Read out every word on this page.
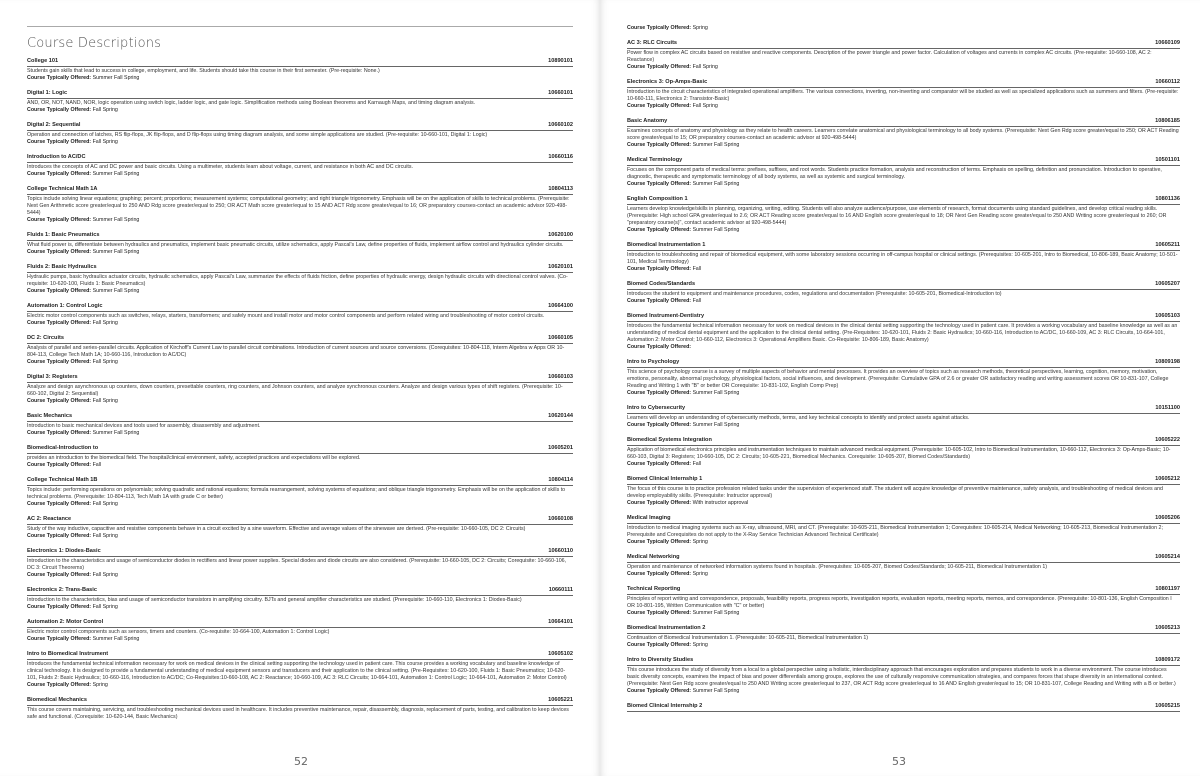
Course Descriptions
College 101	10890101
Students gain skills that lead to success in college, employment, and life. Students should take this course in their first semester. (Pre-requisite: None.)
Course Typically Offered: Summer Fall Spring
Digital 1: Logic	10660101
AND, OR, NOT, NAND, NOR, logic operation using switch logic, ladder logic, and gate logic. Simplification methods using Boolean theorems and Karnaugh Maps, and timing diagram analysis.
Course Typically Offered: Fall Spring
Digital 2: Sequential	10660102
Operation and connection of latches, RS flip-flops, JK flip-flops, and D flip-flops using timing diagram analysis, and some simple applications are studied. (Pre-requisite: 10-660-101, Digital 1: Logic)
Course Typically Offered: Fall Spring
Introduction to AC/DC	10660116
Introduces the concepts of AC and DC power and basic circuits. Using a multimeter, students learn about voltage, current, and resistance in both AC and DC circuits.
Course Typically Offered: Summer Fall Spring
College Technical Math 1A	10804113
Topics include solving linear equations; graphing; percent; proportions; measurement systems; computational geometry; and right triangle trigonometry. Emphasis will be on the application of skills to technical problems. (Prerequisite: Next Gen Arithmetic score greater/equal to 250 AND Rdg score greater/equal to 250; OR ACT Math score greater/equal to 15 AND ACT Rdg score greater/equal to 16; OR preparatory courses-contact an academic advisor 920-498-5444)
Course Typically Offered: Summer Fall Spring
Fluids 1: Basic Pneumatics	10620100
What fluid power is, differentiate between hydraulics and pneumatics, implement basic pneumatic circuits, utilize schematics, apply Pascal's Law, define properties of fluids, implement airflow control and hydraulics cylinder circuits.
Course Typically Offered: Summer Fall Spring
Fluids 2: Basic Hydraulics	10620101
Hydraulic pumps, basic hydraulics actuator circuits, hydraulic schematics, apply Pascal's Law, summarize the effects of fluids friction, define properties of hydraulic energy, design hydraulic circuits with directional control valves. (Co-requisite: 10-620-100, Fluids 1: Basic Pneumatics)
Course Typically Offered: Summer Fall Spring
Automation 1: Control Logic	10664100
Electric motor control components such as switches, relays, starters, transformers; and safely mount and install motor and motor control components and perform related wiring and troubleshooting of motor control circuits.
Course Typically Offered: Fall Spring
DC 2: Circuits	10660105
Analysis of parallel and series-parallel circuits. Application of Kirchoff's Current Law to parallel circuit combinations. Introduction of current sources and source conversions. (Corequisites: 10-804-118, Interm Algebra w Apps OR 10-804-113, College Tech Math 1A; 10-660-116, Introduction to AC/DC)
Course Typically Offered: Fall Spring
Digital 3: Registers	10660103
Analyze and design asynchronous up counters, down counters, presettable counters, ring counters, and Johnson counters, and analyze synchronous counters. Analyze and design various types of shift registers. (Prerequisite: 10-660-102, Digital 2: Sequential)
Course Typically Offered: Fall Spring
Basic Mechanics	10620144
Introduction to basic mechanical devices and tools used for assembly, disassembly and adjustment.
Course Typically Offered: Summer Fall Spring
Biomedical-Introduction to	10605201
provides an introduction to the biomedical field. The hospital/clinical environment, safety, accepted practices and expectations will be explored.
Course Typically Offered: Fall
College Technical Math 1B	10804114
Topics include: performing operations on polynomials; solving quadratic and rational equations; formula rearrangement, solving systems of equations; and oblique triangle trigonometry. Emphasis will be on the application of skills to technical problems. (Prerequisite: 10-804-113, Tech Math 1A with grade C or better)
Course Typically Offered: Fall Spring
AC 2: Reactance	10660108
Study of the way inductive, capacitive and resistive components behave in a circuit excited by a sine waveform. Effective and average values of the sinewave are derived. (Pre-requisite: 10-660-105, DC 2: Circuits)
Course Typically Offered: Fall Spring
Electronics 1: Diodes-Basic	10660110
Introduction to the characteristics and usage of semiconductor diodes in rectifiers and linear power supplies. Special diodes and diode circuits are also considered. (Prerequisite: 10-660-105, DC 2: Circuits; Corequisite: 10-660-106, DC 3: Circuit Theorems)
Course Typically Offered: Fall Spring
Electronics 2: Trans-Basic	10660111
Introduction to the characteristics, bias and usage of semiconductor transistors in amplifying circuitry. BJTs and general amplifier characteristics are studied. (Prerequisite: 10-660-110, Electronics 1: Diodes-Basic)
Course Typically Offered: Fall Spring
Automation 2: Motor Control	10664101
Electric motor control components such as sensors, timers and counters. (Co-requisite: 10-664-100, Automation 1: Control Logic)
Course Typically Offered: Summer Fall Spring
Intro to Biomedical Instrument	10605102
Introduces the fundamental technical information necessary for work on medical devices in the clinical setting supporting the technology used in patient care. This course provides a working vocabulary and baseline knowledge of clinical technology. It is designed to provide a fundamental understanding of medical equipment sensors and transducers and their application to the clinical setting. (Pre-Requisites: 10-620-100, Fluids 1: Basic Pneumatics; 10-620-101, Fluids 2: Basic Hydraulics; 10-660-116, Introduction to AC/DC; Co-Requisites:10-660-108, AC 2: Reactance; 10-660-109, AC 3: RLC Circuits; 10-664-101, Automation 1: Control Logic; 10-664-101, Automation 2: Motor Control)
Course Typically Offered: Spring
Biomedical Mechanics	10605221
This course covers maintaining, servicing, and troubleshooting mechanical devices used in healthcare. It includes preventive maintenance, repair, disassembly, diagnosis, replacement of parts, testing, and calibration to keep devices safe and functional. (Corequisite: 10-620-144, Basic Mechanics)
52
Course Typically Offered: Spring
AC 3: RLC Circuits	10660109
Power flow in complex AC circuits based on resistive and reactive components. Description of the power triangle and power factor. Calculation of voltages and currents in complex AC circuits. (Pre-requisite: 10-660-108, AC 2: Reactance)
Course Typically Offered: Fall Spring
Electronics 3: Op-Amps-Basic	10660112
Introduction to the circuit characteristics of integrated operational amplifiers. The various connections, inverting, non-inverting and comparator will be studied as well as specialized applications such as summers and filters. (Pre-requisite: 10-660-111, Electronics 2: Transistor-Basic)
Course Typically Offered: Fall Spring
Basic Anatomy	10806185
Examines concepts of anatomy and physiology as they relate to health careers. Learners correlate anatomical and physiological terminology to all body systems. (Prerequisite: Next Gen Rdg score greater/equal to 250; OR ACT Reading score greater/equal to 15; OR preparatory courses-contact an academic advisor at 920-498-5444)
Course Typically Offered: Summer Fall Spring
Medical Terminology	10501101
Focuses on the component parts of medical terms: prefixes, suffixes, and root words. Students practice formation, analysis and reconstruction of terms. Emphasis on spelling, definition and pronunciation. Introduction to operative, diagnostic, therapeutic and symptomatic terminology of all body systems, as well as systemic and surgical terminology.
Course Typically Offered: Summer Fall Spring
English Composition 1	10801136
Learners develop knowledge/skills in planning, organizing, writing, editing. Students will also analyze audience/purpose, use elements of research, format documents using standard guidelines, and develop critical reading skills. (Prerequisite: High school GPA greater/equal to 2.6; OR ACT Reading score greater/equal to 16 AND English score greater/equal to 18; OR Next Gen Reading score greater/equal to 250 AND Writing score greater/equal to 260; OR "preparatory course(s)", contact academic advisor at 920-498-5444)
Course Typically Offered: Summer Fall Spring
Biomedical Instrumentation 1	10605211
Introduction to troubleshooting and repair of biomedical equipment, with some laboratory sessions occurring in off-campus hospital or clinical settings. (Prerequisites: 10-605-201, Intro to Biomedical, 10-806-189, Basic Anatomy; 10-501-101, Medical Terminology)
Course Typically Offered: Fall
Biomed Codes/Standards	10605207
Introduces the student to equipment and maintenance procedures, codes, regulations and documentation (Prerequisite: 10-605-201, Biomedical-Introduction to)
Course Typically Offered: Fall
Biomed Instrument-Dentistry	10605103
Introduces the fundamental technical information necessary for work on medical devices in the clinical dental setting supporting the technology used in patient care. It provides a working vocabulary and baseline knowledge as well as an understanding of medical dental equipment and the application to the clinical dental setting. (Pre-Requisites: 10-620-101, Fluids 2: Basic Hydraulics; 10-660-116, Introduction to AC/DC, 10-660-109, AC 3: RLC Circuits, 10-664-101, Automation 2: Motor Control; 10-660-112, Electronics 3: Operational Amplifiers Basic. Co-Requisite: 10-806-189, Basic Anatomy)
Course Typically Offered:
Intro to Psychology	10809198
This science of psychology course is a survey of multiple aspects of behavior and mental processes. It provides an overview of topics such as research methods, theoretical perspectives, learning, cognition, memory, motivation, emotions, personality, abnormal psychology, physiological factors, social influences, and development. (Prerequisite: Cumulative GPA of 2.6 or greater OR satisfactory reading and writing assessment scores OR 10-831-107, College Reading and Writing 1 with "B" or better OR Corequisite: 10-831-102, English Comp Prep)
Course Typically Offered: Summer Fall Spring
Intro to Cybersecurity	10151100
Learners will develop an understanding of cybersecurity methods, terms, and key technical concepts to identify and protect assets against attacks.
Course Typically Offered: Summer Fall Spring
Biomedical Systems Integration	10605222
Application of biomedical electronics principles and instrumentation techniques to maintain advanced medical equipment. (Prerequisite: 10-605-102, Intro to Biomedical Instrumentation, 10-660-112, Electronics 3: Op-Amps-Basic; 10-660-103, Digital 3: Registers; 10-660-105, DC 2: Circuits; 10-605-221, Biomedical Mechanics. Corequisite: 10-605-207, Biomed Codes/Standards)
Course Typically Offered: Fall
Biomed Clinical Internship 1	10605212
The focus of this course is to practice profession related tasks under the supervision of experienced staff. The student will acquire knowledge of preventive maintenance, safety analysis, and troubleshooting of medical devices and develop employability skills. (Prerequisite: Instructor approval)
Course Typically Offered: With instructor approval
Medical Imaging	10605206
Introduction to medical imaging systems such as X-ray, ultrasound, MRI, and CT. (Prerequisite: 10-605-211, Biomedical Instrumentation 1; Corequisites: 10-605-214, Medical Networking; 10-605-213, Biomedical Instrumentation 2; Prerequisite and Corequisites do not apply to the X-Ray Service Technician Advanced Technical Certificate)
Course Typically Offered: Spring
Medical Networking	10605214
Operation and maintenance of networked information systems found in hospitals. (Prerequisites: 10-605-207, Biomed Codes/Standards; 10-605-211, Biomedical Instrumentation 1)
Course Typically Offered: Spring
Technical Reporting	10801197
Principles of report writing and correspondence, proposals, feasibility reports, progress reports, investigation reports, evaluation reports, meeting reports, memos, and correspondence. (Prerequisite: 10-801-136, English Composition I OR 10-801-195, Written Communication with "C" or better)
Course Typically Offered: Summer Fall Spring
Biomedical Instrumentation 2	10605213
Continuation of Biomedical Instrumentation 1. (Prerequisite: 10-605-211, Biomedical Instrumentation 1)
Course Typically Offered: Spring
Intro to Diversity Studies	10809172
This course introduces the study of diversity from a local to a global perspective using a holistic, interdisciplinary approach that encourages exploration and prepares students to work in a diverse environment. The course introduces basic diversity concepts, examines the impact of bias and power differentials among groups, explores the use of culturally responsive communication strategies, and compares forces that shape diversity in an international context. (Prerequisite: Next Gen Rdg score greater/equal to 250 AND Writing score greater/equal to 237, OR ACT Rdg score greater/equal to 16 AND English greater/equal to 15; OR 10-831-107, College Reading and Writing with a B or better.)
Course Typically Offered: Summer Fall Spring
Biomed Clinical Internship 2	10605215
53
